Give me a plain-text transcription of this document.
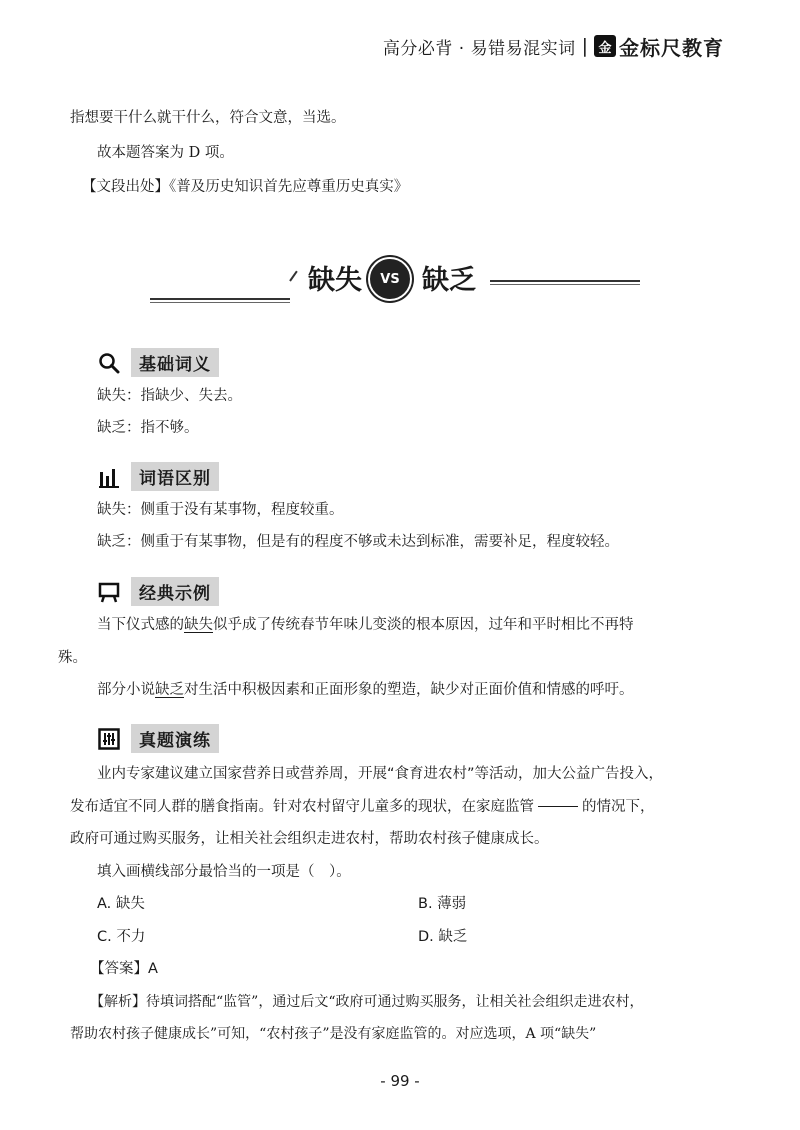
高分必背 · 易错易混实词 | 金 金标尺教育
指想要干什么就干什么，符合文意，当选。
故本题答案为 D 项。
【文段出处】《普及历史知识首先应尊重历史真实》
缺失	VS 缺乏
基础词义
缺失：指缺少、失去。
缺乏：指不够。
词语区别
缺失：侧重于没有某事物，程度较重。
缺乏：侧重于有某事物，但是有的程度不够或未达到标准，需要补足，程度较轻。
经典示例
当下仪式感的缺失似乎成了传统春节年味儿变淡的根本原因，过年和平时相比不再特
殊。
部分小说缺乏对生活中积极因素和正面形象的塑造，缺少对正面价值和情感的呼吁。
真题演练
业内专家建议建立国家营养日或营养周，开展“食育进农村”等活动，加大公益广告投入，
发布适宜不同人群的膳食指南。针对农村留守儿童多的现状，在家庭监管	的情况下，
政府可通过购买服务，让相关社会组织走进农村，帮助农村孩子健康成长。
填入画横线部分最恰当的一项是（　）。
A. 缺失	B. 薄弱
C. 不力	D. 缺乏
【答案】A
【解析】待填词搭配“监管”，通过后文“政府可通过购买服务，让相关社会组织走进农村，
帮助农村孩子健康成长”可知，“农村孩子”是没有家庭监管的。对应选项，A 项“缺失”
- 99 -
